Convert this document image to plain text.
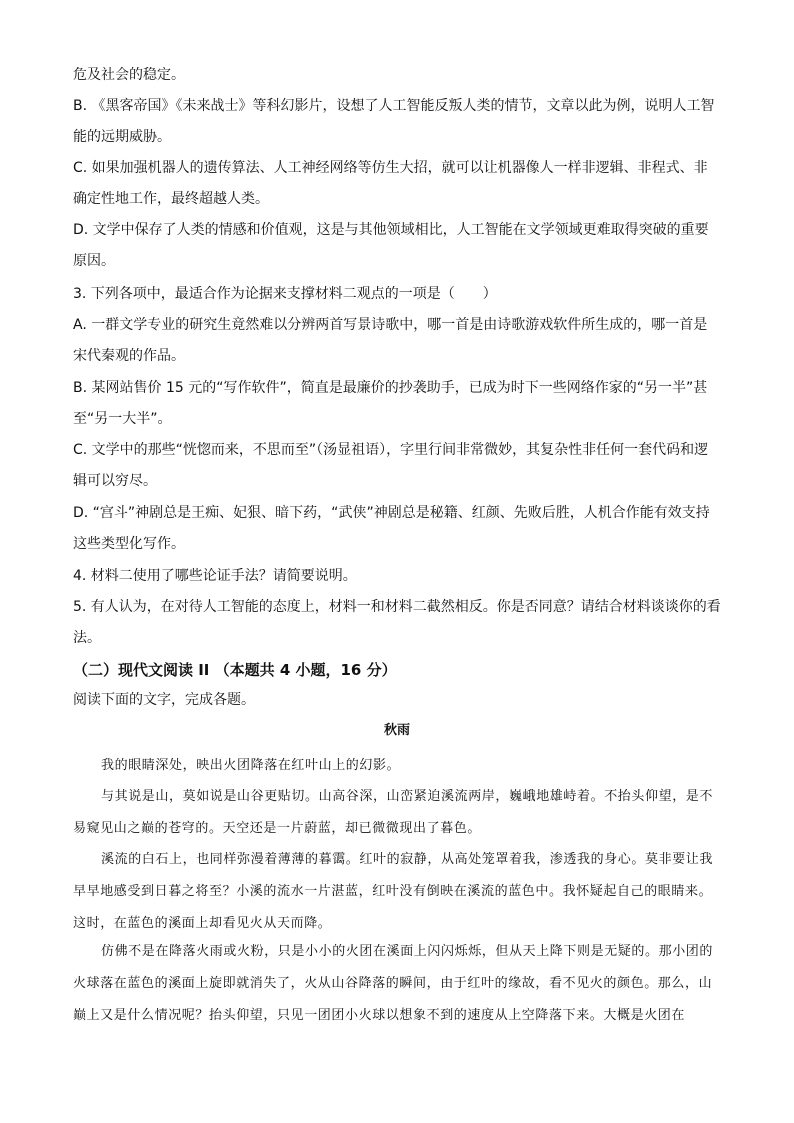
危及社会的稳定。

B. 《黑客帝国》《未来战士》等科幻影片，设想了人工智能反叛人类的情节，文章以此为例，说明人工智能的远期威胁。

C. 如果加强机器人的遗传算法、人工神经网络等仿生大招，就可以让机器像人一样非逻辑、非程式、非确定性地工作，最终超越人类。

D. 文学中保存了人类的情感和价值观，这是与其他领域相比，人工智能在文学领域更难取得突破的重要原因。

3. 下列各项中，最适合作为论据来支撑材料二观点的一项是（　　）

A. 一群文学专业的研究生竟然难以分辨两首写景诗歌中，哪一首是由诗歌游戏软件所生成的，哪一首是宋代秦观的作品。

B. 某网站售价 15 元的“写作软件”，简直是最廉价的抄袭助手，已成为时下一些网络作家的“另一半”甚至“另一大半”。

C. 文学中的那些“恍惚而来，不思而至”（汤显祖语），字里行间非常微妙，其复杂性非任何一套代码和逻辑可以穷尽。

D. “宫斗”神剧总是王痴、妃狠、暗下药，“武侠”神剧总是秘籍、红颜、先败后胜，人机合作能有效支持这些类型化写作。

4. 材料二使用了哪些论证手法？请简要说明。

5. 有人认为，在对待人工智能的态度上，材料一和材料二截然相反。你是否同意？请结合材料谈谈你的看法。

（二）现代文阅读 II （本题共 4 小题，16 分）

阅读下面的文字，完成各题。

秋雨

我的眼睛深处，映出火团降落在红叶山上的幻影。

与其说是山，莫如说是山谷更贴切。山高谷深，山峦紧迫溪流两岸，巍峨地雄峙着。不抬头仰望，是不易窥见山之巅的苍穹的。天空还是一片蔚蓝，却已微微现出了暮色。

溪流的白石上，也同样弥漫着薄薄的暮霭。红叶的寂静，从高处笼罩着我，渗透我的身心。莫非要让我早早地感受到日暮之将至？小溪的流水一片湛蓝，红叶没有倒映在溪流的蓝色中。我怀疑起自己的眼睛来。这时，在蓝色的溪面上却看见火从天而降。

仿佛不是在降落火雨或火粉，只是小小的火团在溪面上闪闪烁烁，但从天上降下则是无疑的。那小团的火球落在蓝色的溪面上旋即就消失了，火从山谷降落的瞬间，由于红叶的缘故，看不见火的颜色。那么，山巅上又是什么情况呢？抬头仰望，只见一团团小火球以想象不到的速度从上空降落下来。大概是火团在
